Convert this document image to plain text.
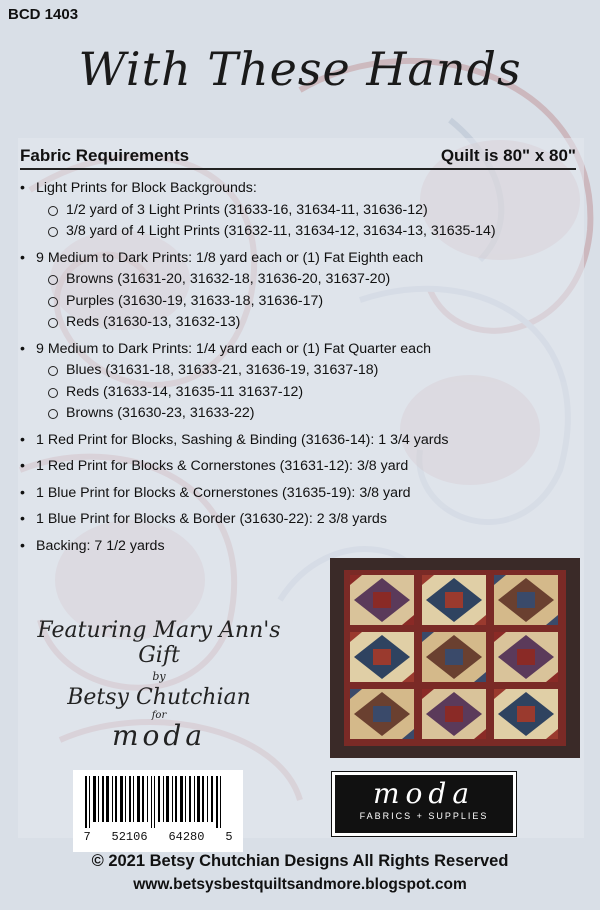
BCD 1403
With These Hands
Fabric Requirements	Quilt is 80" x 80"
• Light Prints for Block Backgrounds:
1/2 yard of 3 Light Prints (31633-16, 31634-11, 31636-12)
3/8 yard of 4 Light Prints (31632-11, 31634-12, 31634-13, 31635-14)
• 9 Medium to Dark Prints: 1/8 yard each or (1) Fat Eighth each
Browns (31631-20, 31632-18, 31636-20, 31637-20)
Purples (31630-19, 31633-18, 31636-17)
Reds (31630-13, 31632-13)
• 9 Medium to Dark Prints: 1/4 yard each or (1) Fat Quarter each
Blues (31631-18, 31633-21, 31636-19, 31637-18)
Reds (31633-14, 31635-11 31637-12)
Browns (31630-23, 31633-22)
• 1 Red Print for Blocks, Sashing & Binding (31636-14): 1 3/4 yards
• 1 Red Print for Blocks & Cornerstones (31631-12): 3/8 yard
• 1 Blue Print for Blocks & Cornerstones (31635-19): 3/8 yard
• 1 Blue Print for Blocks & Border (31630-22): 2 3/8 yards
• Backing: 7 1/2 yards
Featuring Mary Ann's Gift
by
Betsy Chutchian
for
moda
7 52106 64280 5
moda
FABRICS + SUPPLIES
© 2021 Betsy Chutchian Designs All Rights Reserved
www.betsysbestquiltsandmore.blogspot.com
